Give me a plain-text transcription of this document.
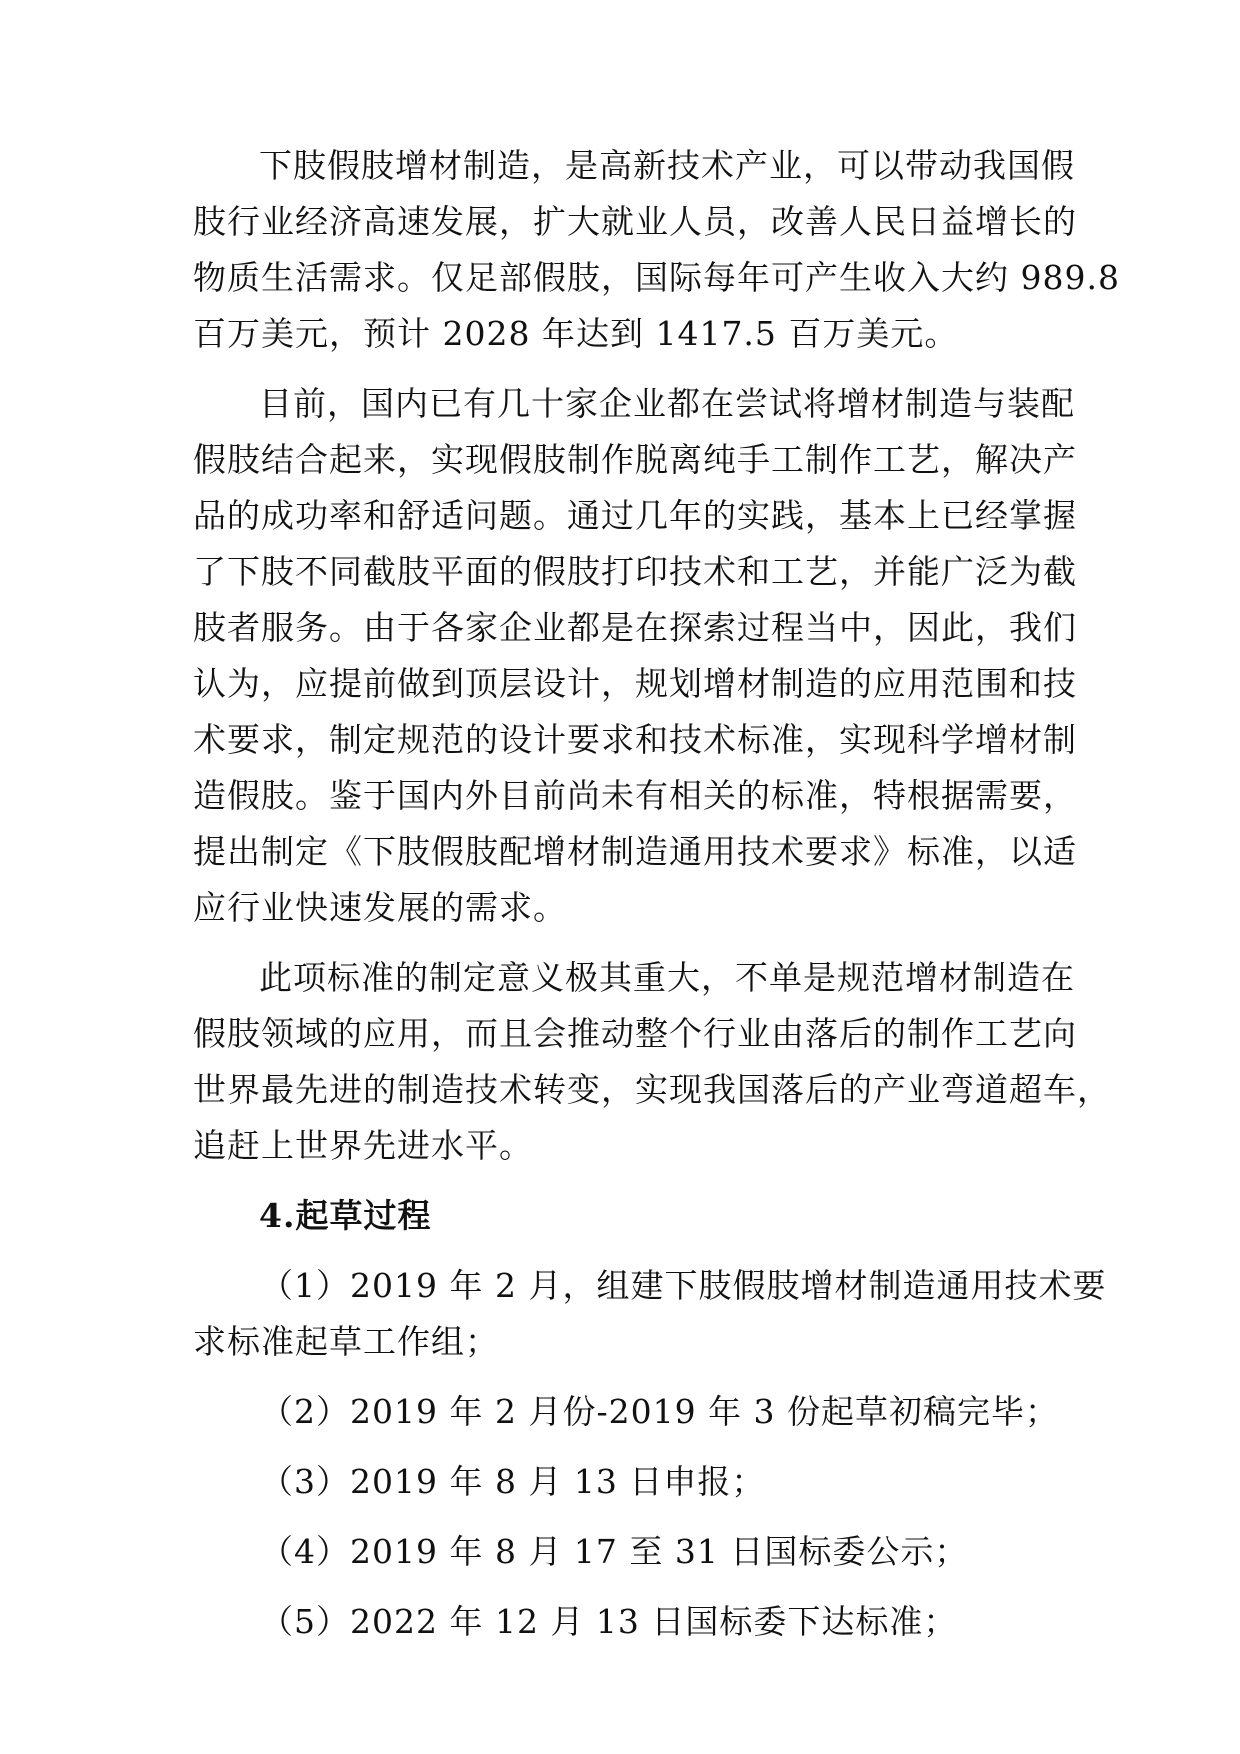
下肢假肢增材制造，是高新技术产业，可以带动我国假
肢行业经济高速发展，扩大就业人员，改善人民日益增长的
物质生活需求。仅足部假肢，国际每年可产生收入大约 989.8
百万美元，预计 2028 年达到 1417.5 百万美元。
目前，国内已有几十家企业都在尝试将增材制造与装配
假肢结合起来，实现假肢制作脱离纯手工制作工艺，解决产
品的成功率和舒适问题。通过几年的实践，基本上已经掌握
了下肢不同截肢平面的假肢打印技术和工艺，并能广泛为截
肢者服务。由于各家企业都是在探索过程当中，因此，我们
认为，应提前做到顶层设计，规划增材制造的应用范围和技
术要求，制定规范的设计要求和技术标准，实现科学增材制
造假肢。鉴于国内外目前尚未有相关的标准，特根据需要，
提出制定《下肢假肢配增材制造通用技术要求》标准，以适
应行业快速发展的需求。
此项标准的制定意义极其重大，不单是规范增材制造在
假肢领域的应用，而且会推动整个行业由落后的制作工艺向
世界最先进的制造技术转变，实现我国落后的产业弯道超车，
追赶上世界先进水平。
4.起草过程
（1）2019 年 2 月，组建下肢假肢增材制造通用技术要
求标准起草工作组；
（2）2019 年 2 月份-2019 年 3 份起草初稿完毕；
（3）2019 年 8 月 13 日申报；
（4）2019 年 8 月 17 至 31 日国标委公示；
（5）2022 年 12 月 13 日国标委下达标准；
